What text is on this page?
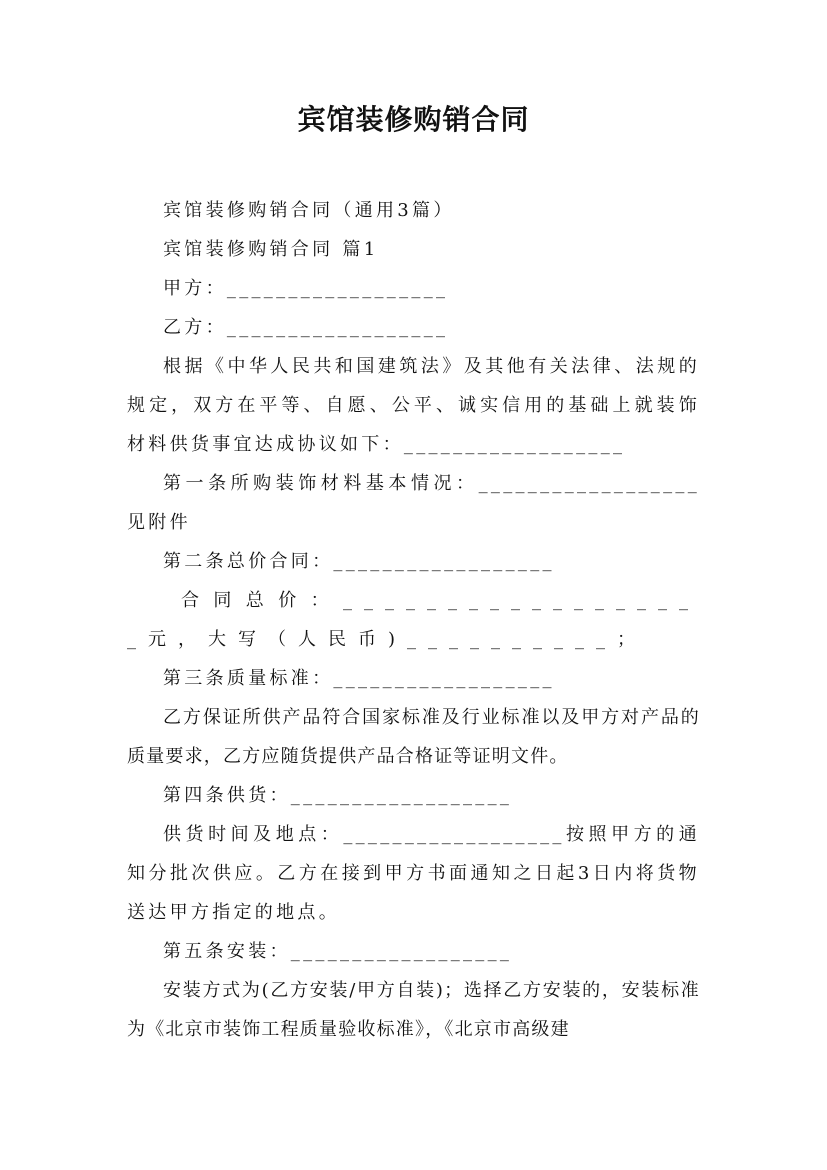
宾馆装修购销合同

宾馆装修购销合同（通用3篇）

宾馆装修购销合同 篇1

甲方：__________________

乙方：__________________

根据《中华人民共和国建筑法》及其他有关法律、法规的规定，双方在平等、自愿、公平、诚实信用的基础上就装饰材料供货事宜达成协议如下：__________________

第一条所购装饰材料基本情况：__________________见附件

第二条总价合同：__________________

合同总价：__________________元，大写（人民币)__________；

第三条质量标准：__________________

乙方保证所供产品符合国家标准及行业标准以及甲方对产品的质量要求，乙方应随货提供产品合格证等证明文件。

第四条供货：__________________

供货时间及地点：__________________按照甲方的通知分批次供应。乙方在接到甲方书面通知之日起3日内将货物送达甲方指定的地点。

第五条安装：__________________

安装方式为(乙方安装/甲方自装)；选择乙方安装的，安装标准为《北京市装饰工程质量验收标准》，《北京市高级建
